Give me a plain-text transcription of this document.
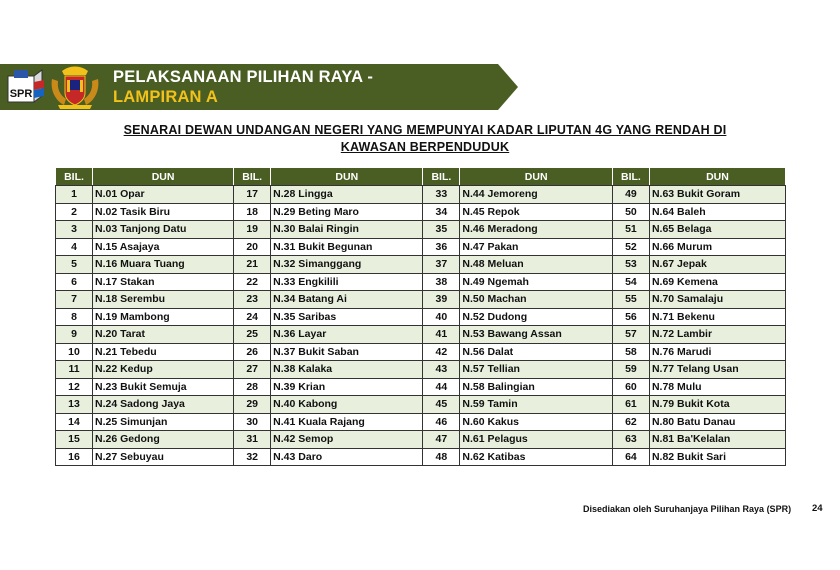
SPR
PELAKSANAAN PILIHAN RAYA -
LAMPIRAN A
SENARAI DEWAN UNDANGAN NEGERI YANG MEMPUNYAI KADAR LIPUTAN 4G YANG RENDAH DI
KAWASAN BERPENDUDUK
BIL.	DUN	BIL.	DUN	BIL.	DUN	BIL.	DUN
1	N.01 Opar	17	N.28 Lingga	33	N.44 Jemoreng	49	N.63 Bukit Goram
2	N.02 Tasik Biru	18	N.29 Beting Maro	34	N.45 Repok	50	N.64 Baleh
3	N.03 Tanjong Datu	19	N.30 Balai Ringin	35	N.46 Meradong	51	N.65 Belaga
4	N.15 Asajaya	20	N.31 Bukit Begunan	36	N.47 Pakan	52	N.66 Murum
5	N.16 Muara Tuang	21	N.32 Simanggang	37	N.48 Meluan	53	N.67 Jepak
6	N.17 Stakan	22	N.33 Engkilili	38	N.49 Ngemah	54	N.69 Kemena
7	N.18 Serembu	23	N.34 Batang Ai	39	N.50 Machan	55	N.70 Samalaju
8	N.19 Mambong	24	N.35 Saribas	40	N.52 Dudong	56	N.71 Bekenu
9	N.20 Tarat	25	N.36 Layar	41	N.53 Bawang Assan	57	N.72 Lambir
10	N.21 Tebedu	26	N.37 Bukit Saban	42	N.56 Dalat	58	N.76 Marudi
11	N.22 Kedup	27	N.38 Kalaka	43	N.57 Tellian	59	N.77 Telang Usan
12	N.23 Bukit Semuja	28	N.39 Krian	44	N.58 Balingian	60	N.78 Mulu
13	N.24 Sadong Jaya	29	N.40 Kabong	45	N.59 Tamin	61	N.79 Bukit Kota
14	N.25 Simunjan	30	N.41 Kuala Rajang	46	N.60 Kakus	62	N.80 Batu Danau
15	N.26 Gedong	31	N.42 Semop	47	N.61 Pelagus	63	N.81 Ba'Kelalan
16	N.27 Sebuyau	32	N.43 Daro	48	N.62 Katibas	64	N.82 Bukit Sari
Disediakan oleh Suruhanjaya Pilihan Raya (SPR) 24
